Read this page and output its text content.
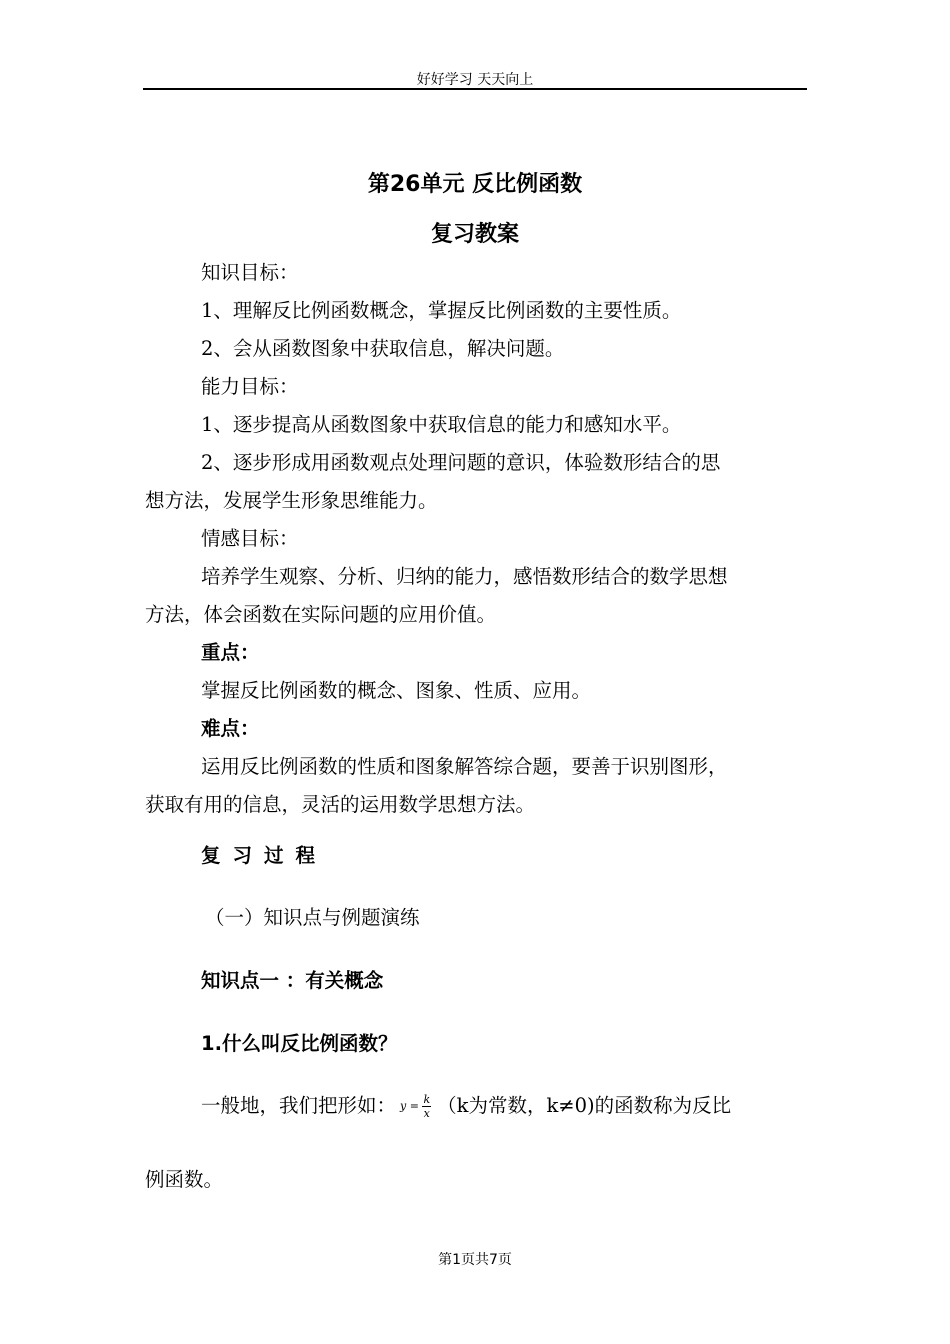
好好学习 天天向上
第26单元 反比例函数
复习教案
知识目标：
1、理解反比例函数概念，掌握反比例函数的主要性质。
2、会从函数图象中获取信息，解决问题。
能力目标：
1、逐步提高从函数图象中获取信息的能力和感知水平。
2、逐步形成用函数观点处理问题的意识，体验数形结合的思
想方法，发展学生形象思维能力。
情感目标：
培养学生观察、分析、归纳的能力，感悟数形结合的数学思想
方法，体会函数在实际问题的应用价值。
重点：
掌握反比例函数的概念、图象、性质、应用。
难点：
运用反比例函数的性质和图象解答综合题，要善于识别图形，
获取有用的信息，灵活的运用数学思想方法。
复习过程
（一）知识点与例题演练
知识点一 ：有关概念
1.什么叫反比例函数？
一般地，我们把形如： $y = \frac{k}{x} (k$为常数，k≠0)的函数称为反比
例函数。
第1页共7页
